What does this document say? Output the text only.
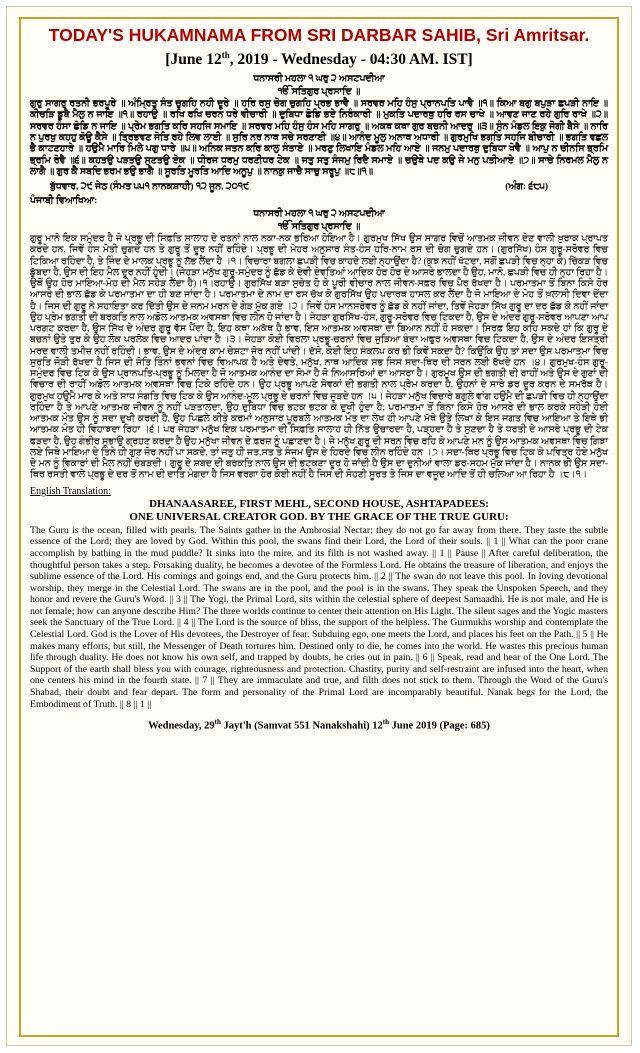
TODAY'S HUKAMNAMA FROM SRI DARBAR SAHIB, Sri Amritsar.

[June 12th, 2019 - Wednesday - 04:30 AM. IST]

ਧਨਾਸਰੀ ਮਹਲਾ ੧ ਘਰੁ ੨ ਅਸਟਪਦੀਆ

ੴ ਸਤਿਗੁਰ ਪ੍ਰਸਾਦਿ ॥

ਗੁਰੁ ਸਾਗਰੁ ਰਤਨੀ ਭਰਪੂਰੇ ॥ ਅੰਮ੍ਰਿਤੁ ਸੰਤ ਚੁਗਹਿ ਨਹੀ ਦੂਰੇ ॥ ਹਰਿ ਰਸੁ ਚੋਗ ਚੁਗਹਿ ਪ੍ਰਭ ਭਾਵੈ ॥ ਸਰਵਰ ਮਹਿ ਹੰਸੁ ਪ੍ਰਾਨਪਤਿ ਪਾਵੈ ॥੧॥ ਕਿਆ ਬਗੁ ਬਪੁੜਾ ਛਪੜੀ ਨਾਇ ॥ ਕੀਚੜਿ ਡੂਬੈ ਮੈਲੁ ਨ ਜਾਇ ॥੧॥ ਰਹਾਉ ॥ ਰਖਿ ਰਖਿ ਚਰਨ ਧਰੇ ਵੀਚਾਰੀ ॥ ਦੁਬਿਧਾ ਛੋਡਿ ਭਏ ਨਿਰੰਕਾਰੀ ॥ ਮੁਕਤਿ ਪਦਾਰਥੁ ਹਰਿ ਰਸ ਚਾਖੇ ॥ ਆਵਣ ਜਾਣ ਰਹੇ ਗੁਰਿ ਰਾਖੇ ॥੨॥ ਸਰਵਰ ਹੰਸਾ ਛੋਡਿ ਨ ਜਾਇ ॥ ਪ੍ਰੇਮ ਭਗਤਿ ਕਰਿ ਸਹਜਿ ਸਮਾਇ ॥ ਸਰਵਰ ਮਹਿ ਹੰਸੁ ਹੰਸ ਮਹਿ ਸਾਗਰੁ ॥ ਅਕਥ ਕਥਾ ਗੁਰ ਬਚਨੀ ਆਦਰੁ ॥੩॥ ਸੁੰਨ ਮੰਡਲ ਇਕੁ ਜੋਗੀ ਬੈਸੇ ॥ ਨਾਰਿ ਨ ਪੁਰਖੁ ਕਹਹੁ ਕੋਊ ਕੈਸੇ ॥ ਤ੍ਰਿਭਵਣ ਜੋਤਿ ਰਹੇ ਲਿਵ ਲਾਈ ॥ ਸੁਰਿ ਨਰ ਨਾਥ ਸਚੇ ਸਰਣਾਈ ॥੪॥ ਆਨੰਦ ਮੂਲੁ ਅਨਾਥ ਅਧਾਰੀ ॥ ਗੁਰਮੁਖਿ ਭਗਤਿ ਸਹਜਿ ਬੀਚਾਰੀ ॥ ਭਗਤਿ ਵਛਲ ਭੈ ਕਾਟਣਹਾਰੇ ॥ ਹਉਮੈ ਮਾਰਿ ਮਿਲੇ ਪਗੁ ਧਾਰੇ ॥੫॥ ਅਨਿਕ ਜਤਨ ਕਰਿ ਕਾਲੁ ਸੰਤਾਏ ॥ ਮਰਣੁ ਲਿਖਾਇ ਮੰਡਲ ਮਹਿ ਆਏ ॥ ਜਨਮੁ ਪਦਾਰਥੁ ਦੁਬਿਧਾ ਖੋਵੈ ॥ ਆਪੁ ਨ ਚੀਨਸਿ ਭ੍ਰਮਿ ਭ੍ਰਮਿ ਰੋਵੈ ॥੬॥ ਕਹਤਉ ਪੜਤਉ ਸੁਣਤਉ ਏਕ ॥ ਧੀਰਜ ਧਰਮੁ ਧਰਣੀਧਰ ਟੇਕ ॥ ਜਤੁ ਸਤੁ ਸੰਜਮੁ ਰਿਦੈ ਸਮਾਏ ॥ ਚਉਥੇ ਪਦ ਕਉ ਜੇ ਮਨੁ ਪਤੀਆਏ ॥੭॥ ਸਾਚੇ ਨਿਰਮਲ ਮੈਲੁ ਨ ਲਾਗੈ ॥ ਗੁਰ ਕੈ ਸਬਦਿ ਭਰਮ ਭਉ ਭਾਗੈ ॥ ਸੂਰਤਿ ਮੂਰਤਿ ਆਦਿ ਅਨੂਪੁ ॥ ਨਾਨਕੁ ਜਾਚੈ ਸਾਚੁ ਸਰੂਪੁ ॥੮॥੧॥

ਬੁੱਧਵਾਰ, ੨੯ ਜੇਠ (ਸੰਮਤ ੫੫੧ ਨਾਨਕਸ਼ਾਹੀ) ੧੨ ਜੂਨ, ੨੦੧੯	(ਅੰਗ: ੬੮੫)

ਪੰਜਾਬੀ ਵਿਆਖਿਆ:

ਧਨਾਸਰੀ ਮਹਲਾ ੧ ਘਰੁ ੨ ਅਸਟਪਦੀਆ

ੴ ਸਤਿਗੁਰ ਪ੍ਰਸਾਦਿ ॥

ਗੁਰੂ ਮਾਨੋ ਇਕ ਸਮੁੰਦਰ ਹੈ ਜੋ ਪ੍ਰਭੂ ਦੀ ਸਿਫ਼ਤਿ ਸਾਲਾਹ ਦੇ ਰਤਨਾਂ ਨਾਲ ਨਕਾ-ਨਕ ਭਰਿਆ ਹੋਇਆ ਹੈ। ਗੁਰਮੁਖ ਸਿੱਖ ਉਸ ਸਾਗਰ ਵਿਚੋਂ ਆਤਮਕ ਜੀਵਨ ਦੇਣ ਵਾਲੀ ਖ਼ੁਰਾਕ ਪ੍ਰਾਪਤ ਕਰਦੇ ਹਨ, ਜਿਵੇਂ ਹੰਸ ਮੋਤੀ ਚੁਗਦੇ ਹਨ ਤੇ ਗੁਰੂ ਤੋਂ ਦੂਰ ਨਹੀਂ ਰਹਿੰਦੇ। ਪ੍ਰਭੂ ਦੀ ਮੇਹਰ ਅਨੁਸਾਰ ਸੰਤ-ਹੰਸ ਹਰਿ-ਨਾਮ ਰਸ ਦੀ ਚੋਗ ਚੁਗਦੇ ਹਨ। (ਗੁਰਸਿੱਖ) ਹੰਸ ਗੁਰੂ-ਸਰੋਵਰ ਵਿਚ ਟਿਕਿਆ ਰਹਿੰਦਾ ਹੈ, ਤੇ ਜਿੰਦ ਦੇ ਮਾਲਕ ਪ੍ਰਭੂ ਨੂੰ ਲੱਭ ਲੈਂਦਾ ਹੈ ।੧। ਵਿਚਾਰਾ ਬਗਲਾ ਛਪੜੀ ਵਿਚ ਕਾਹਦੇ ਲਈ ਨ੍ਹਾਉਂਦਾ ਹੈ? (ਕੁਝ ਨਹੀਂ ਖੱਟਦਾ, ਸਗੋਂ ਛਪੜੀ ਵਿਚ ਨ੍ਹਾ ਕੇ) ਚਿੱਕੜ ਵਿਚ ਡੁੱਬਦਾ ਹੈ, ਉਸ ਦੀ ਇਹ ਮੈਲ ਦੂਰ ਨਹੀਂ ਹੁੰਦੀ। (ਜੇਹੜਾ ਮਨੁੱਖ ਗੁਰੂ-ਸਮੁੰਦਰ ਨੂੰ ਛੱਡ ਕੇ ਦੇਵੀ ਦੇਵਤਿਆਂ ਆਦਿਕ ਹੋਰ ਹੋਰ ਦੇ ਆਸਰੇ ਭਾਲਦਾ ਹੈ ਉਹ, ਮਾਨੋ, ਛਪੜੀ ਵਿਚ ਹੀ ਨ੍ਹਾ ਰਿਹਾ ਹੈ। ਉਥੋਂ ਉਹ ਹੋਰ ਮਾਇਆ-ਮੋਹ ਦੀ ਮੈਲ ਸਹੇੜ ਲੈਂਦਾ ਹੈ)।੧।ਰਹਾਉ। ਗੁਰਸਿੱਖ ਬੜਾ ਸੁਚੇਤ ਹੋ ਕੇ ਪੂਰੀ ਵੀਚਾਰ ਨਾਲ ਜੀਵਨ-ਸਫ਼ਰ ਵਿਚ ਪੈਰ ਰੱਖਦਾ ਹੈ। ਪਰਮਾਤਮਾ ਤੋਂ ਬਿਨਾ ਕਿਸੇ ਹੋਰ ਆਸਰੇ ਦੀ ਭਾਲ ਛੱਡ ਕੇ ਪਰਮਾਤਮਾ ਦਾ ਹੀ ਬਣ ਜਾਂਦਾ ਹੈ। ਪਰਮਾਤਮਾ ਦੇ ਨਾਮ ਦਾ ਰਸ ਚੱਖ ਕੇ ਗੁਰਸਿੱਖ ਉਹ ਪਦਾਰਥ ਹਾਸਲ ਕਰ ਲੈਂਦਾ ਹੈ ਜੋ ਮਾਇਆ ਦੇ ਮੋਹ ਤੋਂ ਖ਼ਲਾਸੀ ਦਿਵਾ ਦੇਂਦਾ ਹੈ। ਜਿਸ ਦੀ ਗੁਰੂ ਨੇ ਸਹਾਇਤਾ ਕਰ ਦਿੱਤੀ ਉਸ ਦੇ ਜਨਮ ਮਰਨ ਦੇ ਗੇੜ ਮੁੱਕ ਗਏ ।੨। ਜਿਵੇਂ ਹੰਸ ਮਾਨਸਰੋਵਰ ਨੂੰ ਛੱਡ ਕੇ ਨਹੀਂ ਜਾਂਦਾ, ਤਿਵੇਂ ਜੇਹੜਾ ਸਿੱਖ ਗੁਰੂ ਦਾ ਦਰ ਛੱਡ ਕੇ ਨਹੀਂ ਜਾਂਦਾ ਉਹ ਪ੍ਰੇਮ ਭਗਤੀ ਦੀ ਬਰਕਤਿ ਨਾਲ ਅਡੋਲ ਆਤਮਕ ਅਵਸਥਾ ਵਿਚ ਲੀਨ ਹੋ ਜਾਂਦਾ ਹੈ। ਜੇਹੜਾ ਗੁਰਸਿੱਖ-ਹੰਸ, ਗੁਰੂ-ਸਰੋਵਰ ਵਿਚ ਟਿਕਦਾ ਹੈ, ਉਸ ਦੇ ਅੰਦਰ ਗੁਰੂ-ਸਰੋਵਰ ਆਪਣਾ ਆਪ ਪਰਗਟ ਕਰਦਾ ਹੈ, ਉਸ ਸਿੱਖ ਦੇ ਅੰਦਰ ਗੁਰੂ ਵੱਸ ਪੈਂਦਾ ਹੈ, ਇਹ ਕਥਾ ਅਕੱਥ ਹੈ ਭਾਵ, ਇਸ ਆਤਮਕ ਅਵਸਥਾ ਦਾ ਬਿਆਨ ਨਹੀਂ ਹੋ ਸਕਦਾ। ਸਿਰਫ਼ ਇਹ ਕਹਿ ਸਕਦੇ ਹਾਂ ਕਿ ਗੁਰੂ ਦੇ ਬਚਨਾਂ ਉਤੇ ਤੁਰ ਕੇ ਉਹ ਲੋਕ ਪਰਲੋਕ ਵਿਚ ਆਦਰ ਪਾਂਦਾ ਹੈ ।੩। ਜੇਹੜਾ ਕੋਈ ਵਿਰਲਾ ਪ੍ਰਭੂ-ਚਰਨਾਂ ਵਿਚ ਜੁੜਿਆ ਬੰਦਾ ਅਫੁਰ ਅਵਸਥਾ ਵਿਚ ਟਿਕਦਾ ਹੈ, ਉਸ ਦੇ ਅੰਦਰ ਇਸਤ੍ਰੀ ਮਰਦ ਵਾਲੀ ਤਮੀਜ਼ ਨਹੀਂ ਰਹਿੰਦੀ। ਭਾਵ, ਉਸ ਦੇ ਅੰਦਰ ਕਾਮ ਚੇਸ਼ਟਾ ਜੋਰ ਨਹੀਂ ਪਾਂਦੀ। ਦੱਸੋ, ਕੋਈ ਇਹ ਸੰਕਲਪ ਕਰ ਭੀ ਕਿਵੇਂ ਸਕਦਾ ਹੈ? ਕਿਉਂਕਿ ਉਹ ਤਾਂ ਸਦਾ ਉਸ ਪਰਮਾਤਮਾ ਵਿਚ ਸੁਰਤਿ ਜੋੜੀ ਰੱਖਦਾ ਹੈ ਜਿਸ ਦੀ ਜੋਤਿ ਤਿੰਨਾਂ ਭਵਨਾਂ ਵਿਚ ਵਿਆਪਕ ਹੈ ਅਤੇ ਦੇਵਤੇ, ਮਨੁੱਖ, ਨਾਥ ਆਦਿਕ ਸਭ ਜਿਸ ਸਦਾ-ਥਿਰ ਦੀ ਸਰਨ ਲਈ ਰੱਖਦੇ ਹਨ ।੪। ਗੁਰਮੁਖ-ਹੰਸ ਗੁਰੂ-ਸਮੁੰਦਰ ਵਿਚ ਟਿਕ ਕੇ ਉਸ ਪ੍ਰਾਨਪਤਿ-ਪ੍ਰਭੂ ਨੂੰ ਮਿਲਦਾ ਹੈ ਜੋ ਆਤਮਕ ਆਨੰਦ ਦਾ ਸੋਮਾ ਹੈ ਜੋ ਨਿਆਸਰਿਆਂ ਦਾ ਆਸਰਾ ਹੈ। ਗੁਰਮੁਖ ਉਸ ਦੀ ਭਗਤੀ ਦੀ ਰਾਹੀਂ ਅਤੇ ਉਸ ਦੇ ਗੁਣਾਂ ਦੀ ਵਿਚਾਰ ਦੀ ਰਾਹੀਂ ਅਡੋਲ ਆਤਮਕ ਅਵਸਥਾ ਵਿਚ ਟਿਕੇ ਰਹਿੰਦੇ ਹਨ। ਉਹ ਪ੍ਰਭੂ ਆਪਣੇ ਸੇਵਕਾਂ ਦੀ ਭਗਤੀ ਨਾਲ ਪ੍ਰੇਮ ਕਰਦਾ ਹੈ, ਉਹਨਾਂ ਦੇ ਸਾਰੇ ਡਰ ਦੂਰ ਕਰਨ ਦੇ ਸਮਰੱਥ ਹੈ। ਗੁਰਮੁਖ ਹਉਮੈ ਮਾਰ ਕੇ ਅਤੇ ਸਾਧ ਸੰਗਤਿ ਵਿਚ ਟਿਕ ਕੇ ਉਸ ਆਨੰਦ-ਮੂਲ ਪ੍ਰਭੂ ਦੇ ਚਰਨਾਂ ਵਿਚ ਜੁੜਦੇ ਹਨ ।੫। ਜੇਹੜਾ ਮਨੁੱਖ ਵਿਚਾਰੇ ਬਗੁਲੇ ਵਾਂਗ ਹਉਮੈ ਦੀ ਛਪੜੀ ਵਿਚ ਹੀ ਨ੍ਹਾਉਂਦਾ ਰਹਿੰਦਾ ਹੈ ਤੇ ਆਪਣੇ ਆਤਮਕ ਜੀਵਨ ਨੂੰ ਨਹੀਂ ਪੜਤਾਲਦਾ, ਉਹ ਦੁਬਿਧਾ ਵਿਚ ਭਟਕ ਭਟਕ ਕੇ ਦੁਖੀ ਹੁੰਦਾ ਹੈ; ਪਰਮਾਤਮਾ ਤੋਂ ਬਿਨਾ ਕਿਸੇ ਹੋਰ ਆਸਰੇ ਦੀ ਭਾਲ ਕਰਕੇ ਸਹੇੜੀ ਹੋਈ ਆਤਮਕ ਮੌਤ ਉਸ ਨੂੰ ਸਦਾ ਦੁਖੀ ਕਰਦੀ ਹੈ, ਉਹ ਪਿਛਲੇ ਕੀਤੇ ਕਰਮਾਂ ਅਨੁਸਾਰ ਪੂਰਬਲੇ ਆਤਮਕ ਮੌਤ ਦਾ ਲੇਖ ਹੀ ਆਪਣੇ ਮੱਥੇ ਉਤੇ ਲਿਖਾ ਕੇ ਇਸ ਜਗਤ ਵਿਚ ਆਇਆ ਤੇ ਇਥੇ ਭੀ ਆਤਮਕ ਮੌਤ ਹੀ ਵਿਹਾਝਦਾ ਰਿਹਾ ।੬। ਪਰ ਜੇਹੜਾ ਮਨੁੱਖ ਇਕ ਪਰਮਾਤਮਾ ਦੀ ਸਿਫ਼ਤਿ ਸਾਲਾਹ ਹੀ ਨਿੱਤ ਉਚਾਰਦਾ ਹੈ, ਪੜ੍ਹਦਾ ਹੈ ਤੇ ਸੁਣਦਾ ਹੈ ਤੇ ਧਰਤੀ ਦੇ ਆਸਰੇ ਪ੍ਰਭੂ ਦੀ ਟੇਕ ਫੜਦਾ ਹੈ, ਉਹ ਗੰਭੀਰ ਸੁਭਾਉ ਗ੍ਰਹਣ ਕਰਦਾ ਹੈ ਉਹ ਮਨੁੱਖਾ ਜੀਵਨ ਦੇ ਫ਼ਰਜ਼ ਨੂੰ ਪਛਾਣਦਾ ਹੈ। ਜੇ ਮਨੁੱਖ ਗੁਰੂ ਦੀ ਸਰਨ ਵਿਚ ਰਹਿ ਕੇ ਆਪਣੇ ਮਨ ਨੂੰ ਉਸ ਆਤਮਕ ਅਵਸਥਾ ਵਿਚ ਗਿਝਾ ਲਏ ਜਿਥੇ ਮਾਇਆ ਦੇ ਤਿੰਨੇ ਹੀ ਗੁਣ ਜ਼ੋਰ ਨਹੀਂ ਪਾ ਸਕਦੇ, ਤਾਂ ਜਤੁ ਹੀ ਜਤ,ਸਤ ਤੇ ਸੰਜਮ ਉਸ ਦੇ ਹਿਰਦੇ ਵਿਚ ਲੀਨ ਰਹਿੰਦੇ ਹਨ ।੭। ਸਦਾ-ਥਿਰ ਪ੍ਰਭੂ ਵਿਚ ਟਿਕ ਕੇ ਪਵਿਤ੍ਰ ਹੋਏ ਮਨੁੱਖ ਦੇ ਮਨ ਨੂੰ ਵਿਕਾਰਾਂ ਦੀ ਮੈਲ ਨਹੀਂ ਚੰਬੜਦੀ। ਗੁਰੂ ਦੇ ਸ਼ਬਦ ਦੀ ਬਰਕਤਿ ਨਾਲ ਉਸ ਦੀ ਭਟਕਣਾ ਦੂਰ ਹੋ ਜਾਂਦੀ ਹੈ ਉਸ ਦਾ ਦੁਨੀਆਂ ਵਾਲਾ ਡਰ-ਸਹਮ ਮੁੱਕ ਜਾਂਦਾ ਹੈ। ਨਾਨਕ ਭੀ ਉਸ ਸਦਾ-ਥਿਰ ਰਸਤੀ ਵਾਲੇ ਪ੍ਰਭੂ ਦੇ ਦਰ ਤੋਂ ਨਾਮ ਦੀ ਦਾਤਿ ਮੰਗਦਾ ਹੈ ਜਿਸ ਵਰਗਾ ਹੋਰ ਕੋਈ ਨਹੀਂ ਹੈ ਜਿਸ ਦੀ ਸੋਹਣੀ ਸੂਰਤ ਤੇ ਜਿਸ ਦਾ ਵਜੂਦ ਆਦਿ ਤੋਂ ਹੀ ਚਲਿਆ ਆ ਰਿਹਾ ਹੈ ।੮।੧।

English Translation:

DHANAASAREE, FIRST MEHL, SECOND HOUSE, ASHTAPADEES:

ONE UNIVERSAL CREATOR GOD. BY THE GRACE OF THE TRUE GURU:

The Guru is the ocean, filled with pearls. The Saints gather in the Ambrosial Nectar; they do not go far away from there. They taste the subtle essence of the Lord; they are loved by God. Within this pool, the swans find their Lord, the Lord of their souls. || 1 || What can the poor crane accomplish by bathing in the mud puddle? It sinks into the mire, and its filth is not washed away. || 1 || Pause || After careful deliberation, the thoughtful person takes a step. Forsaking duality, he becomes a devotee of the Formless Lord. He obtains the treasure of liberation, and enjoys the sublime essence of the Lord. His comings and goings end, and the Guru protects him. || 2 || The swan do not leave this pool. In loving devotional worship, they merge in the Celestial Lord. The swans are in the pool, and the pool is in the swans. They speak the Unspoken Speech, and they honor and revere the Guru's Word. || 3 || The Yogi, the Primal Lord, sits within the celestial sphere of deepest Samaadhi. He is not male, and He is not female; how can anyone describe Him? The three worlds continue to center their attention on His Light. The silent sages and the Yogic masters seek the Sanctuary of the True Lord. || 4 || The Lord is the source of bliss, the support of the helpless. The Gurmukhs worship and contemplate the Celestial Lord. God is the Lover of His devotees, the Destroyer of fear. Subduing ego, one meets the Lord, and places his feet on the Path. || 5 || He makes many efforts, but still, the Messenger of Death tortures him. Destined only to die, he comes into the world. He wastes this precious human life through duality. He does not know his own self, and trapped by doubts, he cries out in pain. || 6 || Speak, read and hear of the One Lord. The Support of the earth shall bless you with courage, righteousness and protection. Chastity, purity and self-restraint are infused into the heart, when one centers his mind in the fourth state. || 7 || They are immaculate and true, and filth does not stick to them. Through the Word of the Guru's Shabad, their doubt and fear depart. The form and personality of the Primal Lord are incomparably beautiful. Nanak begs for the Lord, the Embodiment of Truth. || 8 || 1 ||

Wednesday, 29th Jayt'h (Samvat 551 Nanakshahi) 12th June 2019 (Page: 685)
